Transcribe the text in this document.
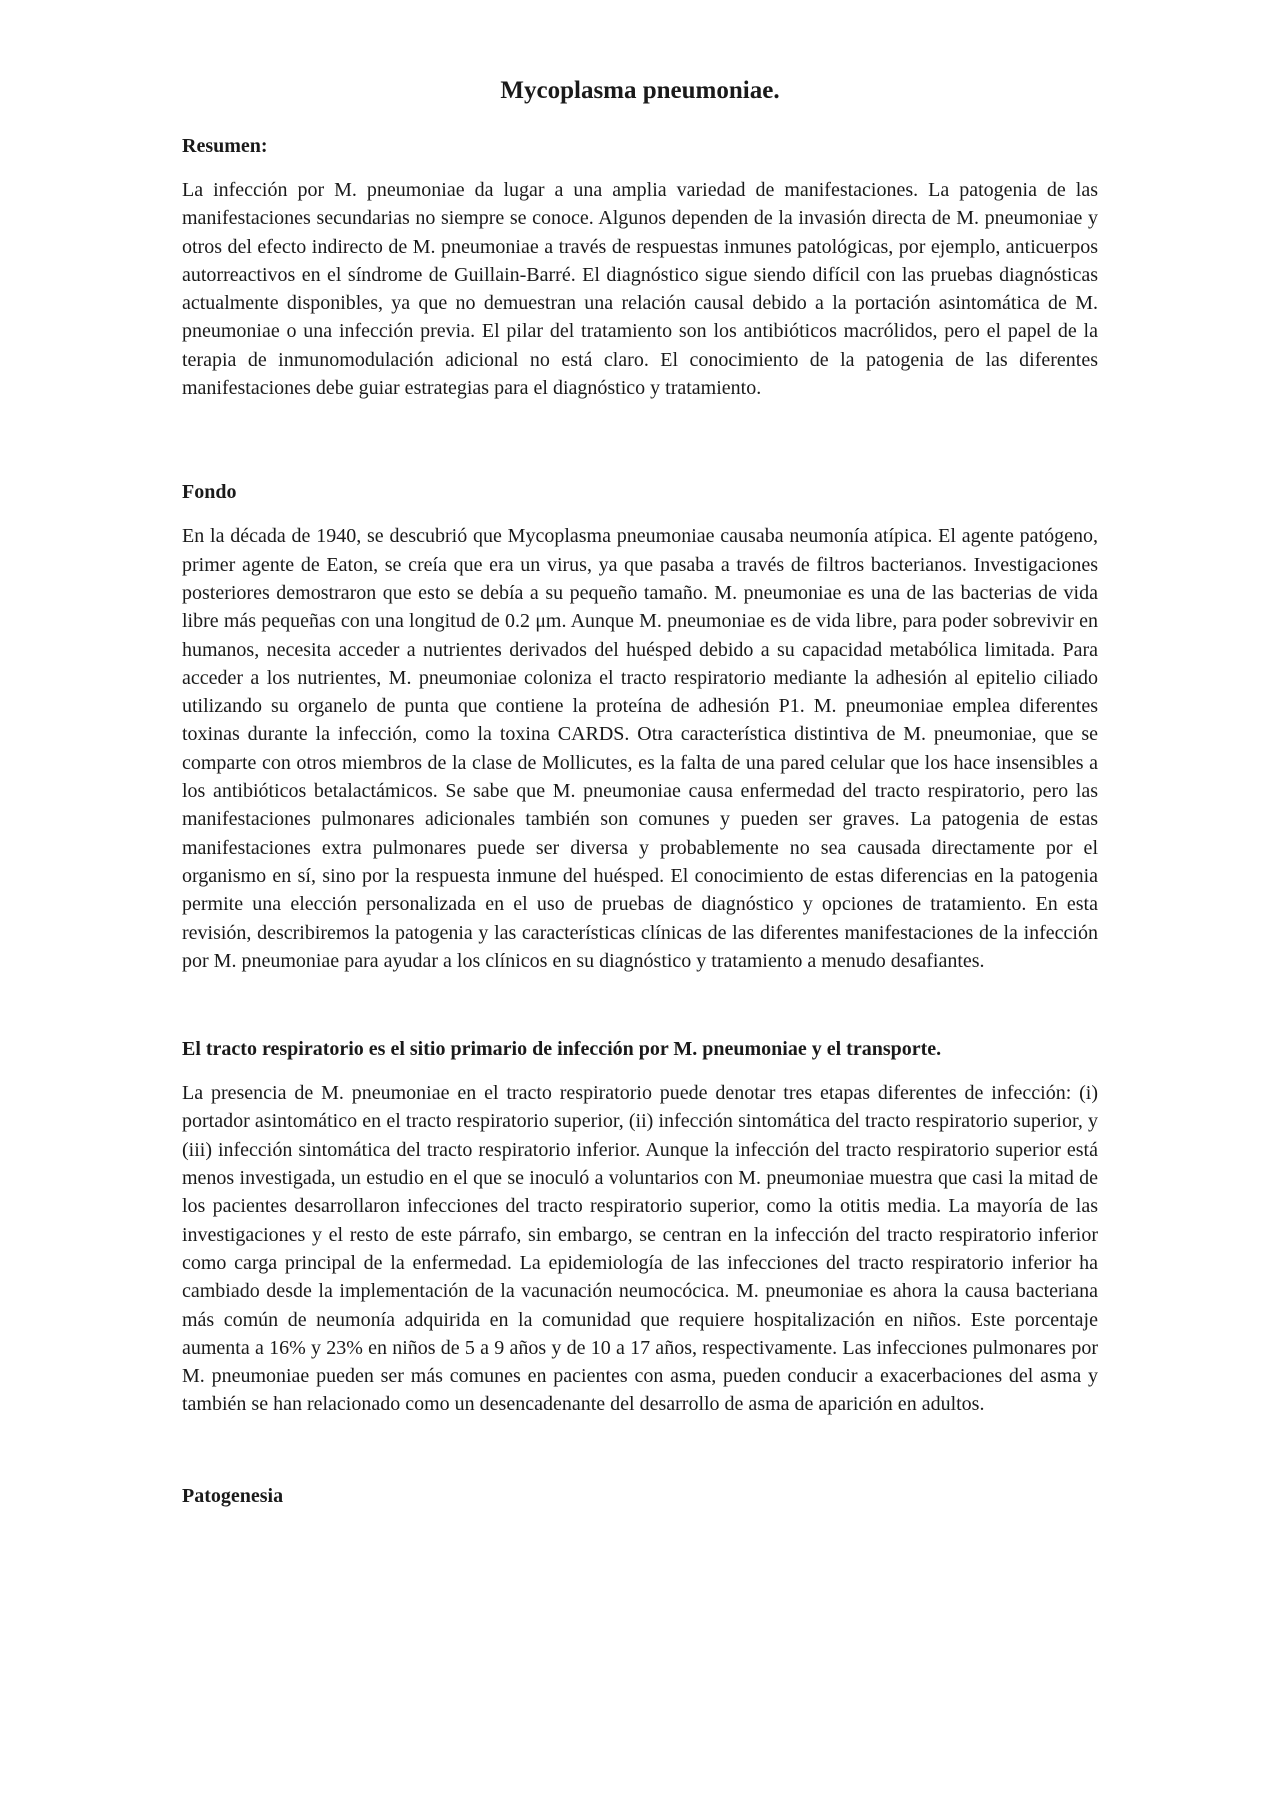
Mycoplasma pneumoniae.
Resumen:

La infección por M. pneumoniae da lugar a una amplia variedad de manifestaciones. La patogenia de las manifestaciones secundarias no siempre se conoce. Algunos dependen de la invasión directa de M. pneumoniae y otros del efecto indirecto de M. pneumoniae a través de respuestas inmunes patológicas, por ejemplo, anticuerpos autorreactivos en el síndrome de Guillain-Barré. El diagnóstico sigue siendo difícil con las pruebas diagnósticas actualmente disponibles, ya que no demuestran una relación causal debido a la portación asintomática de M. pneumoniae o una infección previa. El pilar del tratamiento son los antibióticos macrólidos, pero el papel de la terapia de inmunomodulación adicional no está claro. El conocimiento de la patogenia de las diferentes manifestaciones debe guiar estrategias para el diagnóstico y tratamiento.

Fondo

En la década de 1940, se descubrió que Mycoplasma pneumoniae causaba neumonía atípica. El agente patógeno, primer agente de Eaton, se creía que era un virus, ya que pasaba a través de filtros bacterianos. Investigaciones posteriores demostraron que esto se debía a su pequeño tamaño. M. pneumoniae es una de las bacterias de vida libre más pequeñas con una longitud de 0.2 μm. Aunque M. pneumoniae es de vida libre, para poder sobrevivir en humanos, necesita acceder a nutrientes derivados del huésped debido a su capacidad metabólica limitada. Para acceder a los nutrientes, M. pneumoniae coloniza el tracto respiratorio mediante la adhesión al epitelio ciliado utilizando su organelo de punta que contiene la proteína de adhesión P1. M. pneumoniae emplea diferentes toxinas durante la infección, como la toxina CARDS. Otra característica distintiva de M. pneumoniae, que se comparte con otros miembros de la clase de Mollicutes, es la falta de una pared celular que los hace insensibles a los antibióticos betalactámicos. Se sabe que M. pneumoniae causa enfermedad del tracto respiratorio, pero las manifestaciones pulmonares adicionales también son comunes y pueden ser graves. La patogenia de estas manifestaciones extra pulmonares puede ser diversa y probablemente no sea causada directamente por el organismo en sí, sino por la respuesta inmune del huésped. El conocimiento de estas diferencias en la patogenia permite una elección personalizada en el uso de pruebas de diagnóstico y opciones de tratamiento. En esta revisión, describiremos la patogenia y las características clínicas de las diferentes manifestaciones de la infección por M. pneumoniae para ayudar a los clínicos en su diagnóstico y tratamiento a menudo desafiantes.

El tracto respiratorio es el sitio primario de infección por M. pneumoniae y el transporte.

La presencia de M. pneumoniae en el tracto respiratorio puede denotar tres etapas diferentes de infección: (i) portador asintomático en el tracto respiratorio superior, (ii) infección sintomática del tracto respiratorio superior, y (iii) infección sintomática del tracto respiratorio inferior. Aunque la infección del tracto respiratorio superior está menos investigada, un estudio en el que se inoculó a voluntarios con M. pneumoniae muestra que casi la mitad de los pacientes desarrollaron infecciones del tracto respiratorio superior, como la otitis media. La mayoría de las investigaciones y el resto de este párrafo, sin embargo, se centran en la infección del tracto respiratorio inferior como carga principal de la enfermedad. La epidemiología de las infecciones del tracto respiratorio inferior ha cambiado desde la implementación de la vacunación neumocócica. M. pneumoniae es ahora la causa bacteriana más común de neumonía adquirida en la comunidad que requiere hospitalización en niños. Este porcentaje aumenta a 16% y 23% en niños de 5 a 9 años y de 10 a 17 años, respectivamente. Las infecciones pulmonares por M. pneumoniae pueden ser más comunes en pacientes con asma, pueden conducir a exacerbaciones del asma y también se han relacionado como un desencadenante del desarrollo de asma de aparición en adultos.

Patogenesia
